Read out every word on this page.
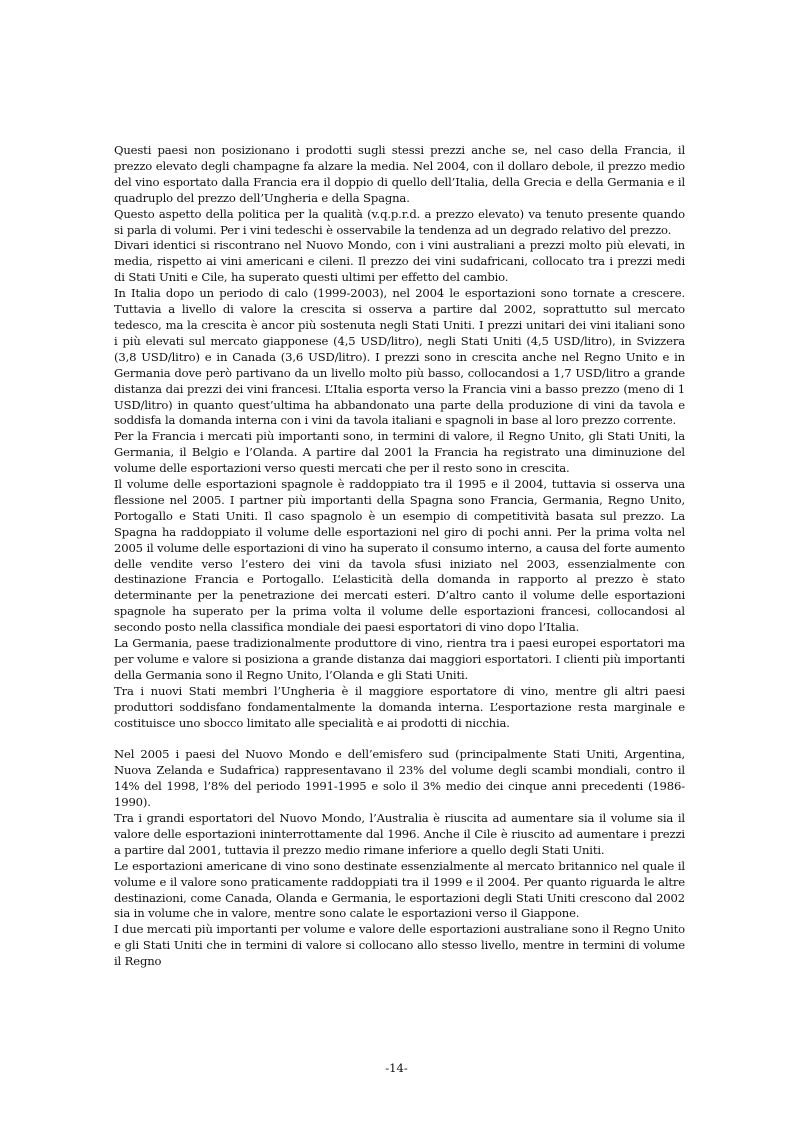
Questi paesi non posizionano i prodotti sugli stessi prezzi anche se, nel caso della Francia, il prezzo elevato degli champagne fa alzare la media. Nel 2004, con il dollaro debole, il prezzo medio del vino esportato dalla Francia era il doppio di quello dell’Italia, della Grecia e della Germania e il quadruplo del prezzo dell’Ungheria e della Spagna.

Questo aspetto della politica per la qualità (v.q.p.r.d. a prezzo elevato) va tenuto presente quando si parla di volumi. Per i vini tedeschi è osservabile la tendenza ad un degrado relativo del prezzo.

Divari identici si riscontrano nel Nuovo Mondo, con i vini australiani a prezzi molto più elevati, in media, rispetto ai vini americani e cileni. Il prezzo dei vini sudafricani, collocato tra i prezzi medi di Stati Uniti e Cile, ha superato questi ultimi per effetto del cambio.

In Italia dopo un periodo di calo (1999-2003), nel 2004 le esportazioni sono tornate a crescere. Tuttavia a livello di valore la crescita si osserva a partire dal 2002, soprattutto sul mercato tedesco, ma la crescita è ancor più sostenuta negli Stati Uniti. I prezzi unitari dei vini italiani sono i più elevati sul mercato giapponese (4,5 USD/litro), negli Stati Uniti (4,5 USD/litro), in Svizzera (3,8 USD/litro) e in Canada (3,6 USD/litro). I prezzi sono in crescita anche nel Regno Unito e in Germania dove però partivano da un livello molto più basso, collocandosi a 1,7 USD/litro a grande distanza dai prezzi dei vini francesi. L’Italia esporta verso la Francia vini a basso prezzo (meno di 1 USD/litro) in quanto quest’ultima ha abbandonato una parte della produzione di vini da tavola e soddisfa la domanda interna con i vini da tavola italiani e spagnoli in base al loro prezzo corrente.

Per la Francia i mercati più importanti sono, in termini di valore, il Regno Unito, gli Stati Uniti, la Germania, il Belgio e l’Olanda. A partire dal 2001 la Francia ha registrato una diminuzione del volume delle esportazioni verso questi mercati che per il resto sono in crescita.

Il volume delle esportazioni spagnole è raddoppiato tra il 1995 e il 2004, tuttavia si osserva una flessione nel 2005. I partner più importanti della Spagna sono Francia, Germania, Regno Unito, Portogallo e Stati Uniti. Il caso spagnolo è un esempio di competitività basata sul prezzo. La Spagna ha raddoppiato il volume delle esportazioni nel giro di pochi anni. Per la prima volta nel 2005 il volume delle esportazioni di vino ha superato il consumo interno, a causa del forte aumento delle vendite verso l’estero dei vini da tavola sfusi iniziato nel 2003, essenzialmente con destinazione Francia e Portogallo. L’elasticità della domanda in rapporto al prezzo è stato determinante per la penetrazione dei mercati esteri. D’altro canto il volume delle esportazioni spagnole ha superato per la prima volta il volume delle esportazioni francesi, collocandosi al secondo posto nella classifica mondiale dei paesi esportatori di vino dopo l’Italia.

La Germania, paese tradizionalmente produttore di vino, rientra tra i paesi europei esportatori ma per volume e valore si posiziona a grande distanza dai maggiori esportatori. I clienti più importanti della Germania sono il Regno Unito, l’Olanda e gli Stati Uniti.

Tra i nuovi Stati membri l’Ungheria è il maggiore esportatore di vino, mentre gli altri paesi produttori soddisfano fondamentalmente la domanda interna. L’esportazione resta marginale e costituisce uno sbocco limitato alle specialità e ai prodotti di nicchia.

Nel 2005 i paesi del Nuovo Mondo e dell’emisfero sud (principalmente Stati Uniti, Argentina, Nuova Zelanda e Sudafrica) rappresentavano il 23% del volume degli scambi mondiali, contro il 14% del 1998, l’8% del periodo 1991-1995 e solo il 3% medio dei cinque anni precedenti (1986-1990).

Tra i grandi esportatori del Nuovo Mondo, l’Australia è riuscita ad aumentare sia il volume sia il valore delle esportazioni ininterrottamente dal 1996. Anche il Cile è riuscito ad aumentare i prezzi a partire dal 2001, tuttavia il prezzo medio rimane inferiore a quello degli Stati Uniti.

Le esportazioni americane di vino sono destinate essenzialmente al mercato britannico nel quale il volume e il valore sono praticamente raddoppiati tra il 1999 e il 2004. Per quanto riguarda le altre destinazioni, come Canada, Olanda e Germania, le esportazioni degli Stati Uniti crescono dal 2002 sia in volume che in valore, mentre sono calate le esportazioni verso il Giappone.

I due mercati più importanti per volume e valore delle esportazioni australiane sono il Regno Unito e gli Stati Uniti che in termini di valore si collocano allo stesso livello, mentre in termini di volume il Regno

-14-
